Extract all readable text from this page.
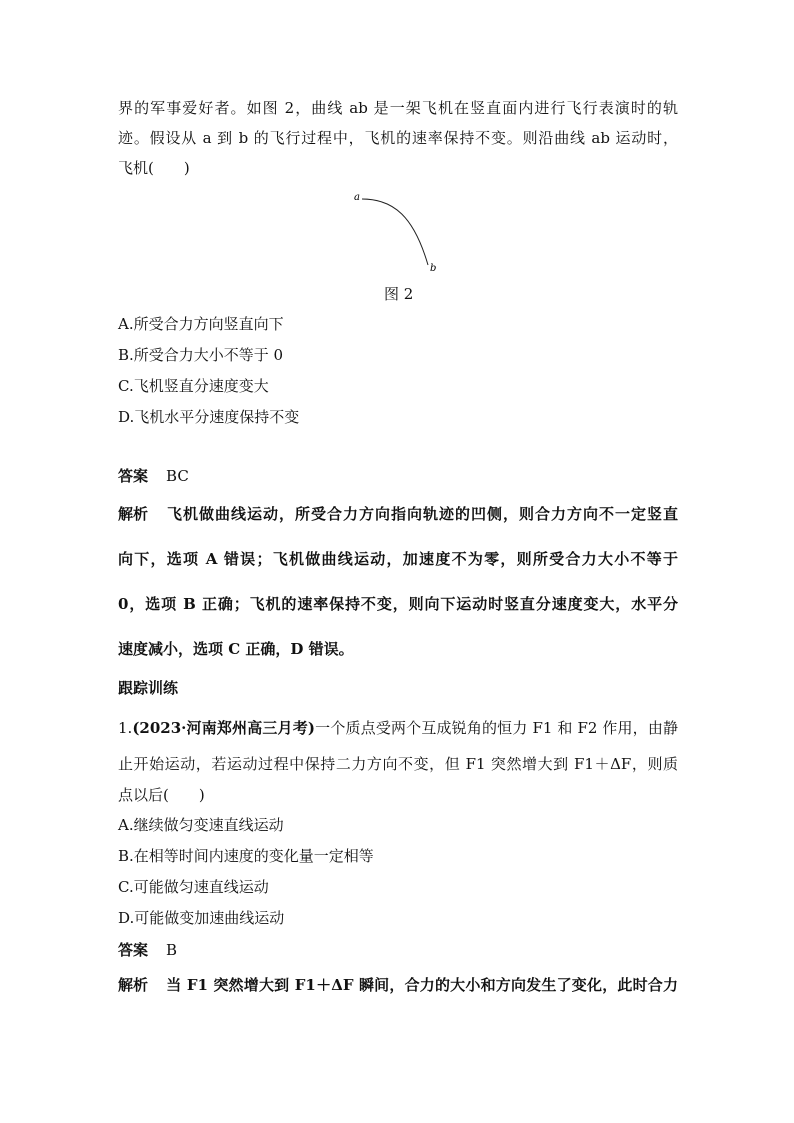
界的军事爱好者。如图 2，曲线 ab 是一架飞机在竖直面内进行飞行表演时的轨
迹。假设从 a 到 b 的飞行过程中，飞机的速率保持不变。则沿曲线 ab 运动时，
飞机(　　)
a
b
图 2
A.所受合力方向竖直向下
B.所受合力大小不等于 0
C.飞机竖直分速度变大
D.飞机水平分速度保持不变
答案 BC
解析 飞机做曲线运动，所受合力方向指向轨迹的凹侧，则合力方向不一定竖直
向下，选项 A 错误；飞机做曲线运动，加速度不为零，则所受合力大小不等于
0，选项 B 正确；飞机的速率保持不变，则向下运动时竖直分速度变大，水平分
速度减小，选项 C 正确，D 错误。
跟踪训练
1.(2023·河南郑州高三月考)一个质点受两个互成锐角的恒力 F1 和 F2 作用，由静
止开始运动，若运动过程中保持二力方向不变，但 F1 突然增大到 F1＋ΔF，则质
点以后(　　)
A.继续做匀变速直线运动
B.在相等时间内速度的变化量一定相等
C.可能做匀速直线运动
D.可能做变加速曲线运动
答案 B
解析 当 F1 突然增大到 F1＋ΔF 瞬间，合力的大小和方向发生了变化，此时合力
